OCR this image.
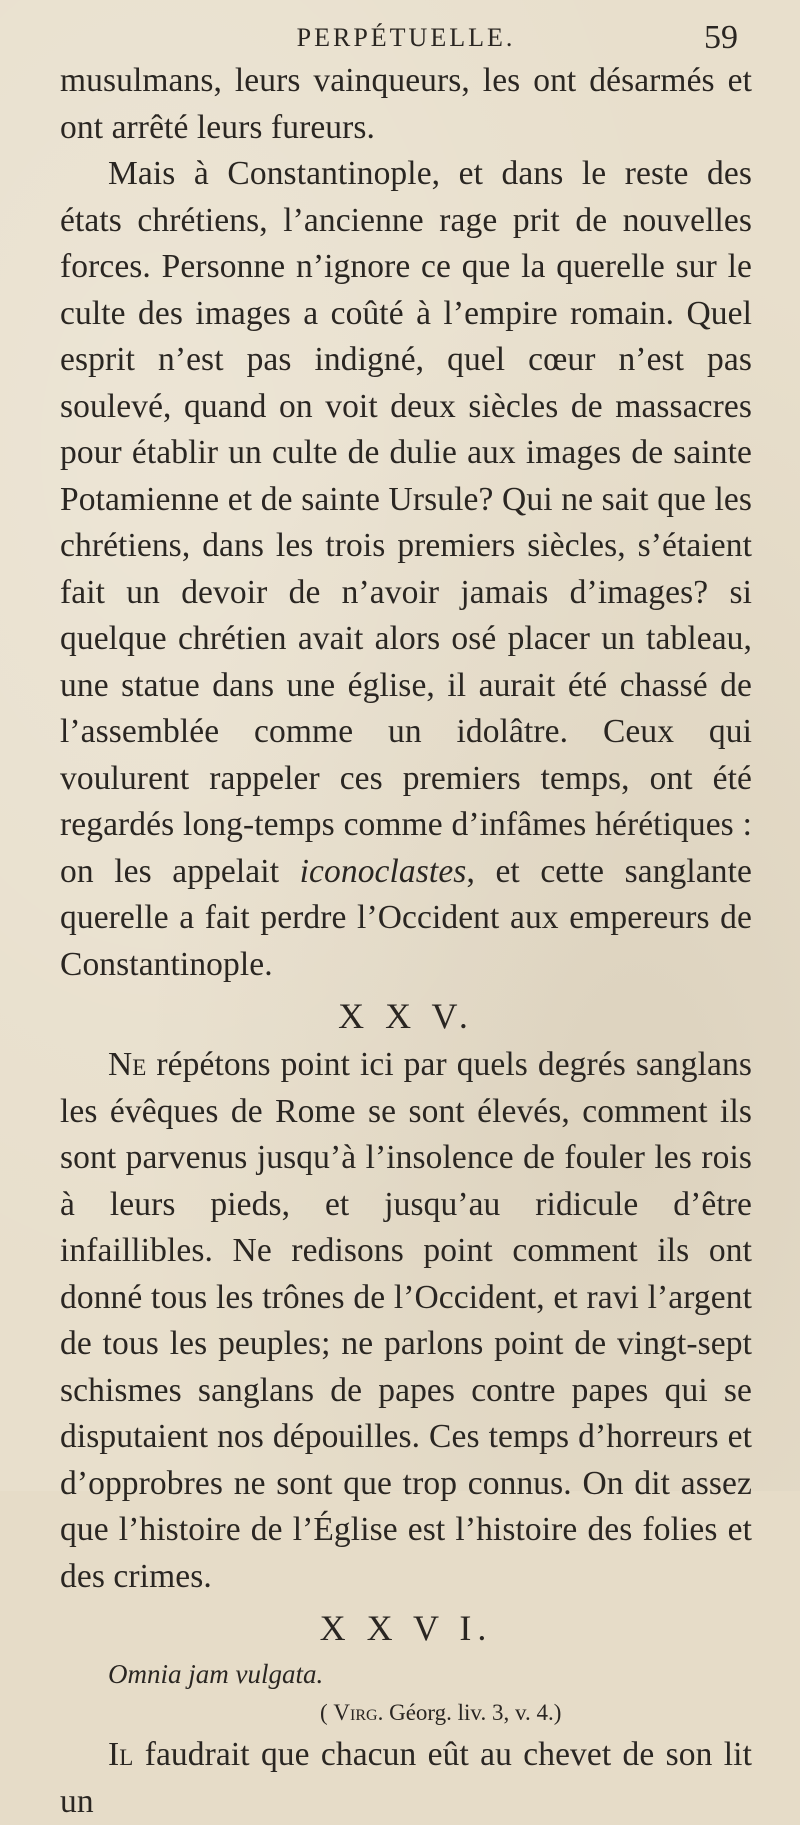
PERPÉTUELLE.	59

musulmans, leurs vainqueurs, les ont désarmés et ont arrêté leurs fureurs.

Mais à Constantinople, et dans le reste des états chrétiens, l’ancienne rage prit de nouvelles forces. Personne n’ignore ce que la querelle sur le culte des images a coûté à l’empire romain. Quel esprit n’est pas indigné, quel cœur n’est pas soulevé, quand on voit deux siècles de massacres pour établir un culte de dulie aux images de sainte Potamienne et de sainte Ursule? Qui ne sait que les chrétiens, dans les trois premiers siècles, s’étaient fait un devoir de n’avoir jamais d’images? si quelque chrétien avait alors osé placer un tableau, une statue dans une église, il aurait été chassé de l’assemblée comme un idolâtre. Ceux qui voulurent rappeler ces premiers temps, ont été regardés long-temps comme d’infâmes hérétiques : on les appelait iconoclastes, et cette sanglante querelle a fait perdre l’Occident aux empereurs de Constantinople.

X X V.

Ne répétons point ici par quels degrés sanglans les évêques de Rome se sont élevés, comment ils sont parvenus jusqu’à l’insolence de fouler les rois à leurs pieds, et jusqu’au ridicule d’être infaillibles. Ne redisons point comment ils ont donné tous les trônes de l’Occident, et ravi l’argent de tous les peuples; ne parlons point de vingt-sept schismes sanglans de papes contre papes qui se disputaient nos dépouilles. Ces temps d’horreurs et d’opprobres ne sont que trop connus. On dit assez que l’histoire de l’Église est l’histoire des folies et des crimes.

X X V I.
Omnia jam vulgata.
( Virg. Géorg. liv. 3, v. 4.)

Il faudrait que chacun eût au chevet de son lit un
